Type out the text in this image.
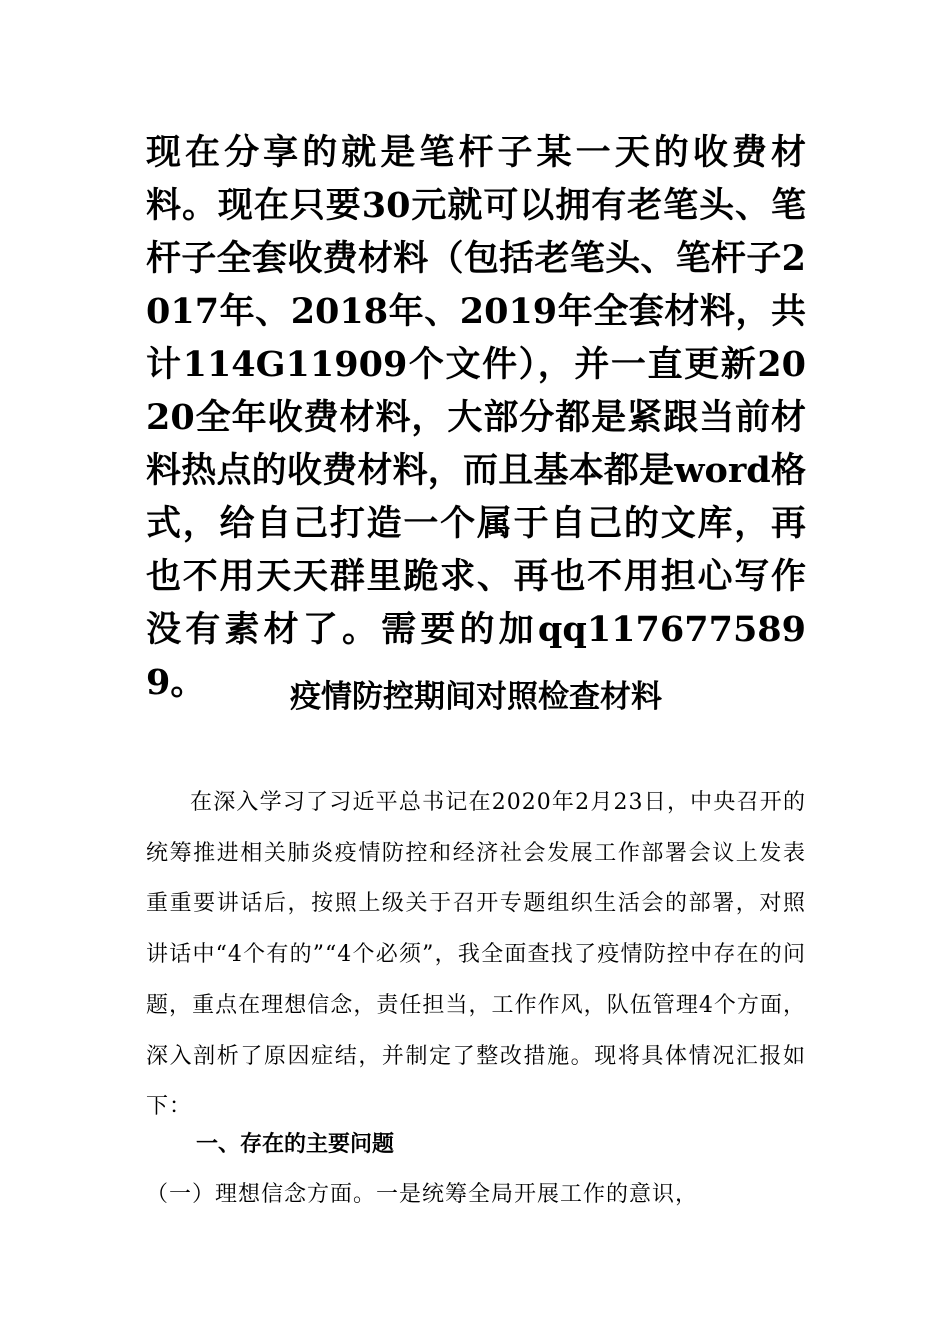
现在分享的就是笔杆子某一天的收费材料。现在只要30元就可以拥有老笔头、笔杆子全套收费材料（包括老笔头、笔杆子2017年、2018年、2019年全套材料，共计114G11909个文件），并一直更新2020全年收费材料，大部分都是紧跟当前材料热点的收费材料，而且基本都是word格式，给自己打造一个属于自己的文库，再也不用天天群里跪求、再也不用担心写作没有素材了。需要的加qq1176775899。	疫情防控期间对照检查材料

在深入学习了习近平总书记在2020年2月23日，中央召开的统筹推进相关肺炎疫情防控和经济社会发展工作部署会议上发表重重要讲话后，按照上级关于召开专题组织生活会的部署，对照讲话中“4个有的”“4个必须”，我全面查找了疫情防控中存在的问题，重点在理想信念，责任担当，工作作风，队伍管理4个方面，深入剖析了原因症结，并制定了整改措施。现将具体情况汇报如下：

一、存在的主要问题

（一）理想信念方面。一是统筹全局开展工作的意识，
